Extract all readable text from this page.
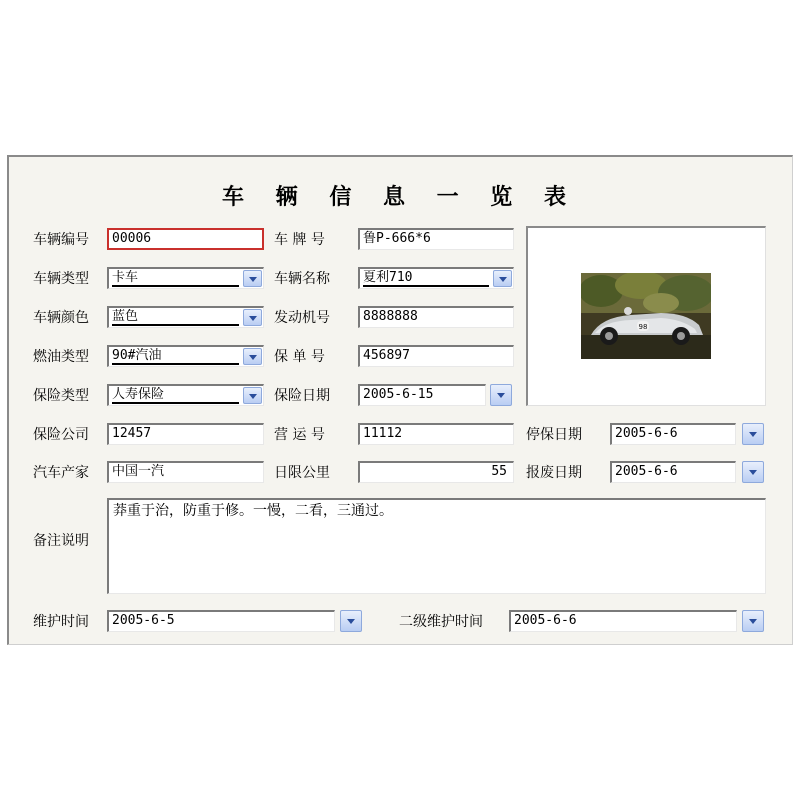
车 辆 信 息 一 览 表
车辆编号	00006	车 牌 号	鲁P-666*6
车辆类型 卡车	车辆名称	夏利710
车辆颜色 蓝色	发动机号	8888888
燃油类型 90#汽油	保 单 号	456897
保险类型 人寿保险	保险日期	2005-6-15
98
保险公司	12457	营 运 号	11112	停保日期	2005-6-6
汽车产家	中国一汽	日限公里	55	报废日期	2005-6-6
备注说明
莽重于治，防重于修。一慢，二看，三通过。
维护时间	2005-6-5	二级维护时间	2005-6-6
